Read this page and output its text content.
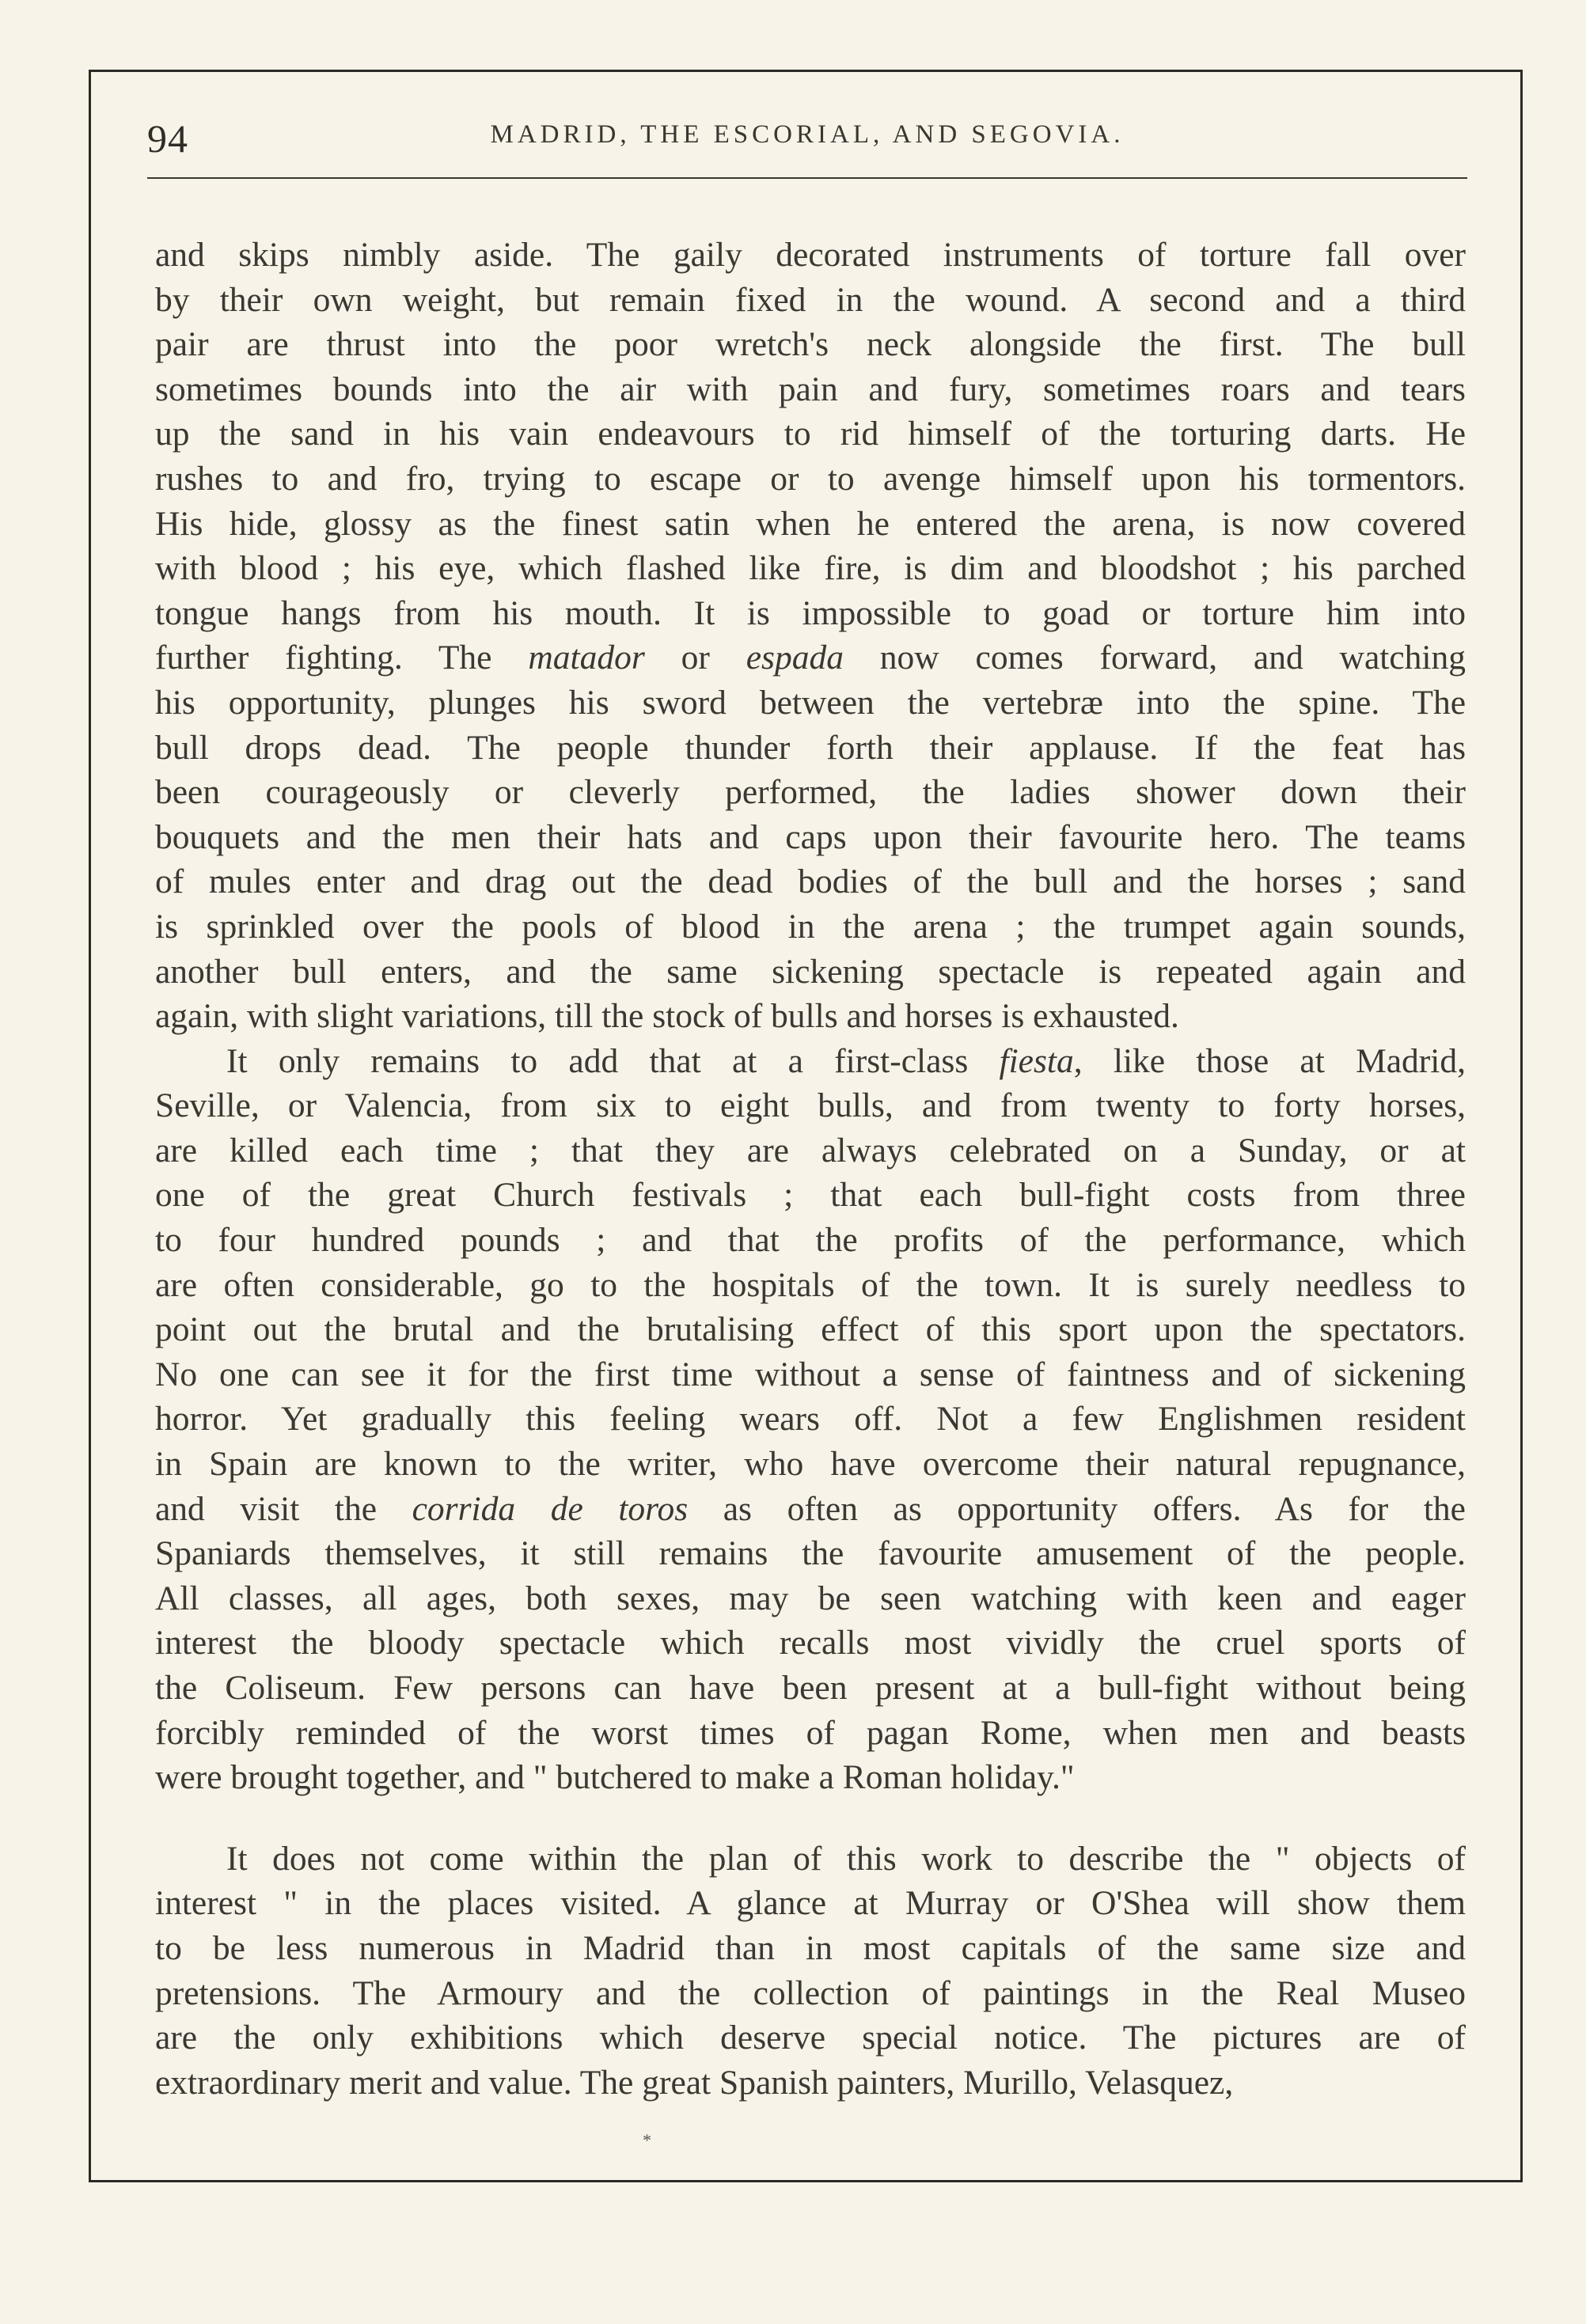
94	MADRID, THE ESCORIAL, AND SEGOVIA.

and skips nimbly aside. The gaily decorated instruments of torture fall over
by their own weight, but remain fixed in the wound. A second and a third
pair are thrust into the poor wretch's neck alongside the first. The bull
sometimes bounds into the air with pain and fury, sometimes roars and tears
up the sand in his vain endeavours to rid himself of the torturing darts. He
rushes to and fro, trying to escape or to avenge himself upon his tormentors.
His hide, glossy as the finest satin when he entered the arena, is now covered
with blood ; his eye, which flashed like fire, is dim and bloodshot ; his parched
tongue hangs from his mouth. It is impossible to goad or torture him into
further fighting. The matador or espada now comes forward, and watching
his opportunity, plunges his sword between the vertebræ into the spine. The
bull drops dead. The people thunder forth their applause. If the feat has
been courageously or cleverly performed, the ladies shower down their
bouquets and the men their hats and caps upon their favourite hero. The teams
of mules enter and drag out the dead bodies of the bull and the horses ; sand
is sprinkled over the pools of blood in the arena ; the trumpet again sounds,
another bull enters, and the same sickening spectacle is repeated again and
again, with slight variations, till the stock of bulls and horses is exhausted.

It only remains to add that at a first-class fiesta, like those at Madrid,
Seville, or Valencia, from six to eight bulls, and from twenty to forty horses,
are killed each time ; that they are always celebrated on a Sunday, or at
one of the great Church festivals ; that each bull-fight costs from three
to four hundred pounds ; and that the profits of the performance, which
are often considerable, go to the hospitals of the town. It is surely needless to
point out the brutal and the brutalising effect of this sport upon the spectators.
No one can see it for the first time without a sense of faintness and of sickening
horror. Yet gradually this feeling wears off. Not a few Englishmen resident
in Spain are known to the writer, who have overcome their natural repugnance,
and visit the corrida de toros as often as opportunity offers. As for the
Spaniards themselves, it still remains the favourite amusement of the people.
All classes, all ages, both sexes, may be seen watching with keen and eager
interest the bloody spectacle which recalls most vividly the cruel sports of
the Coliseum. Few persons can have been present at a bull-fight without being
forcibly reminded of the worst times of pagan Rome, when men and beasts
were brought together, and " butchered to make a Roman holiday."

It does not come within the plan of this work to describe the " objects of
interest " in the places visited. A glance at Murray or O'Shea will show them
to be less numerous in Madrid than in most capitals of the same size and
pretensions. The Armoury and the collection of paintings in the Real Museo
are the only exhibitions which deserve special notice. The pictures are of
extraordinary merit and value. The great Spanish painters, Murillo, Velasquez,

*
